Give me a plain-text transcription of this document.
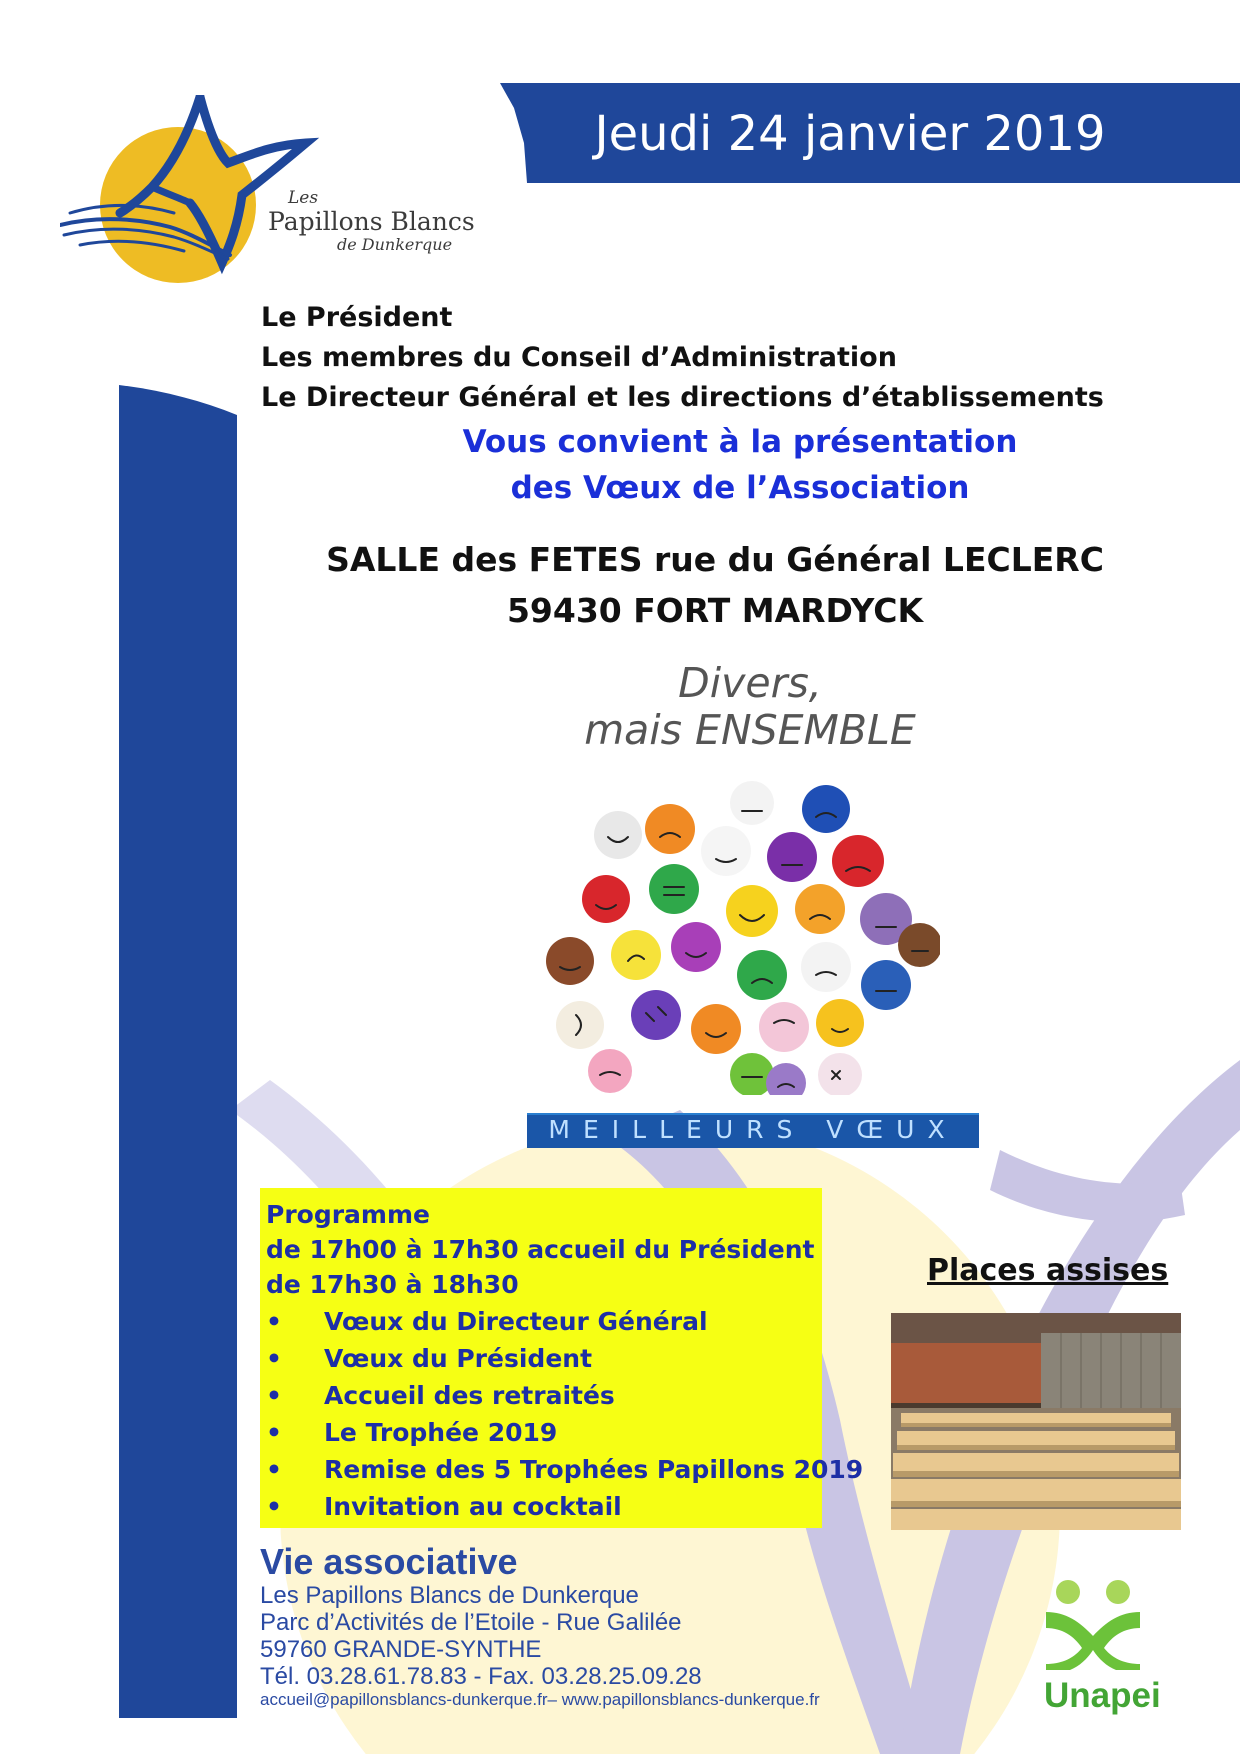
Jeudi 24 janvier 2019
Les
Papillons Blancs
de Dunkerque
Le Président
Les membres du Conseil d’Administration
Le Directeur Général et les directions d’établissements
Vous convient à la présentation
des Vœux de l’Association
SALLE des FETES rue du Général LECLERC
59430 FORT MARDYCK
Divers,
mais ENSEMBLE
MEILLEURS VŒUX
Programme
de 17h00 à 17h30 accueil du Président
de 17h30 à 18h30
• Vœux du Directeur Général
• Vœux du Président
• Accueil des retraités
• Le Trophée 2019
• Remise des 5 Trophées Papillons 2019
• Invitation au cocktail
Places assises
Vie associative
Les Papillons Blancs de Dunkerque
Parc d’Activités de l’Etoile - Rue Galilée
59760 GRANDE-SYNTHE
Tél. 03.28.61.78.83 - Fax. 03.28.25.09.28
accueil@papillonsblancs-dunkerque.fr– www.papillonsblancs-dunkerque.fr	Unapei
